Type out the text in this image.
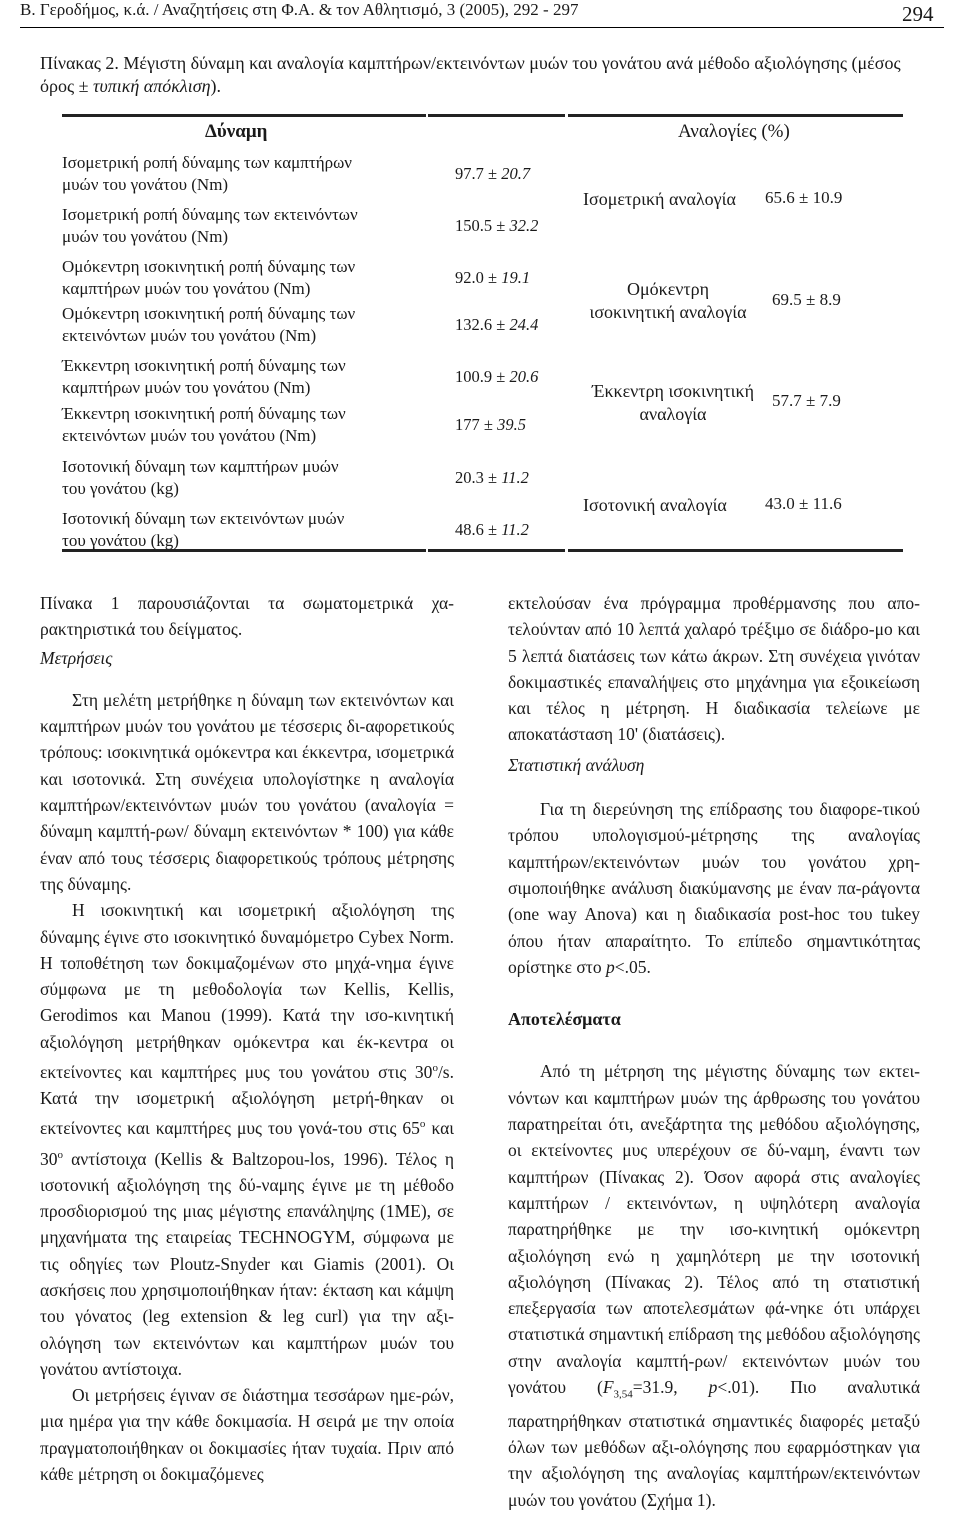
Β. Γεροδήμος, κ.ά. / Αναζητήσεις στη Φ.Α. & τον Αθλητισμό, 3 (2005), 292 - 297	294
Πίνακας 2. Μέγιστη δύναμη και αναλογία καμπτήρων/εκτεινόντων μυών του γονάτου ανά μέθοδο αξιολόγησης (μέσος όρος ± τυπική απόκλιση).
Δύναμη	Αναλογίες (%)
Ισομετρική ροπή δύναμης των καμπτήρων
μυών του γονάτου (Nm)
97.7 ± 20.7
Ισομετρική ροπή δύναμης των εκτεινόντων
μυών του γονάτου (Nm)
150.5 ± 32.2
Ομόκεντρη ισοκινητική ροπή δύναμης των
καμπτήρων μυών του γονάτου (Nm)
92.0 ± 19.1
Ομόκεντρη ισοκινητική ροπή δύναμης των
εκτεινόντων μυών του γονάτου (Nm)
132.6 ± 24.4
Έκκεντρη ισοκινητική ροπή δύναμης των
καμπτήρων μυών του γονάτου (Nm)
100.9 ± 20.6
Έκκεντρη ισοκινητική ροπή δύναμης των
εκτεινόντων μυών του γονάτου (Nm)
177 ± 39.5
Ισοτονική δύναμη των καμπτήρων μυών
του γονάτου (kg)
20.3 ± 11.2
Ισοτονική δύναμη των εκτεινόντων μυών
του γονάτου (kg)
48.6 ± 11.2
Ισομετρική αναλογία 65.6 ± 10.9
Ομόκεντρη
ισοκινητική αναλογία
69.5 ± 8.9
Έκκεντρη ισοκινητική
αναλογία
57.7 ± 7.9
Ισοτονική αναλογία 43.0 ± 11.6

Πίνακα 1 παρουσιάζονται τα σωματομετρικά χα-ρακτηριστικά του δείγματος.

Μετρήσεις

Στη μελέτη μετρήθηκε η δύναμη των εκτεινόντων και καμπτήρων μυών του γονάτου με τέσσερις δι-αφορετικούς τρόπους: ισοκινητικά ομόκεντρα και έκκεντρα, ισομετρικά και ισοτονικά. Στη συνέχεια υπολογίστηκε η αναλογία καμπτήρων/εκτεινόντων μυών του γονάτου (αναλογία = δύναμη καμπτή-ρων/ δύναμη εκτεινόντων * 100) για κάθε έναν από τους τέσσερις διαφορετικούς τρόπους μέτρησης της δύναμης.

Η ισοκινητική και ισομετρική αξιολόγηση της δύναμης έγινε στο ισοκινητικό δυναμόμετρο Cybex Norm. Η τοποθέτηση των δοκιμαζομένων στο μηχά-νημα έγινε σύμφωνα με τη μεθοδολογία των Kellis, Kellis, Gerodimos και Manou (1999). Κατά την ισο-κινητική αξιολόγηση μετρήθηκαν ομόκεντρα και έκ-κεντρα οι εκτείνοντες και καμπτήρες μυς του γονάτου στις $30^o/s$. Κατά την ισομετρική αξιολόγηση μετρή-θηκαν οι εκτείνοντες και καμπτήρες μυς του γονά-του στις $65^o$ και $30^o$ αντίστοιχα (Kellis & Baltzopou-los, 1996). Τέλος η ισοτονική αξιολόγηση της δύ-ναμης έγινε με τη μέθοδο προσδιορισμού της μιας μέγιστης επανάληψης (1ΜΕ), σε μηχανήματα της εταιρείας TECHNOGYM, σύμφωνα με τις οδηγίες των Ploutz-Snyder και Giamis (2001). Οι ασκήσεις που χρησιμοποιήθηκαν ήταν: έκταση και κάμψη του γόνατος (leg extension & leg curl) για την αξι-ολόγηση των εκτεινόντων και καμπτήρων μυών του γονάτου αντίστοιχα.

Οι μετρήσεις έγιναν σε διάστημα τεσσάρων ημε-ρών, μια ημέρα για την κάθε δοκιμασία. Η σειρά με την οποία πραγματοποιήθηκαν οι δοκιμασίες ήταν τυχαία. Πριν από κάθε μέτρηση οι δοκιμαζόμενες

εκτελούσαν ένα πρόγραμμα προθέρμανσης που απο-τελούνταν από 10 λεπτά χαλαρό τρέξιμο σε διάδρο-μο και 5 λεπτά διατάσεις των κάτω άκρων. Στη συνέχεια γινόταν δοκιμαστικές επαναλήψεις στο μηχάνημα για εξοικείωση και τέλος η μέτρηση. Η διαδικασία τελείωνε με αποκατάσταση 10' (διατάσεις).

Στατιστική ανάλυση

Για τη διερεύνηση της επίδρασης του διαφορε-τικού τρόπου υπολογισμού-μέτρησης της αναλογίας καμπτήρων/εκτεινόντων μυών του γονάτου χρη-σιμοποιήθηκε ανάλυση διακύμανσης με έναν πα-ράγοντα (one way Anova) και η διαδικασία post-hoc του tukey όπου ήταν απαραίτητο. Το επίπεδο σημαντικότητας ορίστηκε στο p<.05.

Αποτελέσματα

Από τη μέτρηση της μέγιστης δύναμης των εκτει-νόντων και καμπτήρων μυών της άρθρωσης του γονάτου παρατηρείται ότι, ανεξάρτητα της μεθόδου αξιολόγησης, οι εκτείνοντες μυς υπερέχουν σε δύ-ναμη, έναντι των καμπτήρων (Πίνακας 2). Όσον αφορά στις αναλογίες καμπτήρων / εκτεινόντων, η υψηλότερη αναλογία παρατηρήθηκε με την ισο-κινητική ομόκεντρη αξιολόγηση ενώ η χαμηλότερη με την ισοτονική αξιολόγηση (Πίνακας 2). Τέλος από τη στατιστική επεξεργασία των αποτελεσμάτων φά-νηκε ότι υπάρχει στατιστικά σημαντική επίδραση της μεθόδου αξιολόγησης στην αναλογία καμπτή-ρων/ εκτεινόντων μυών του γονάτου ($F_{3,54}=31.9$, p<.01). Πιο αναλυτικά παρατηρήθηκαν στατιστικά σημαντικές διαφορές μεταξύ όλων των μεθόδων αξι-ολόγησης που εφαρμόστηκαν για την αξιολόγηση της αναλογίας καμπτήρων/εκτεινόντων μυών του γονάτου (Σχήμα 1).
